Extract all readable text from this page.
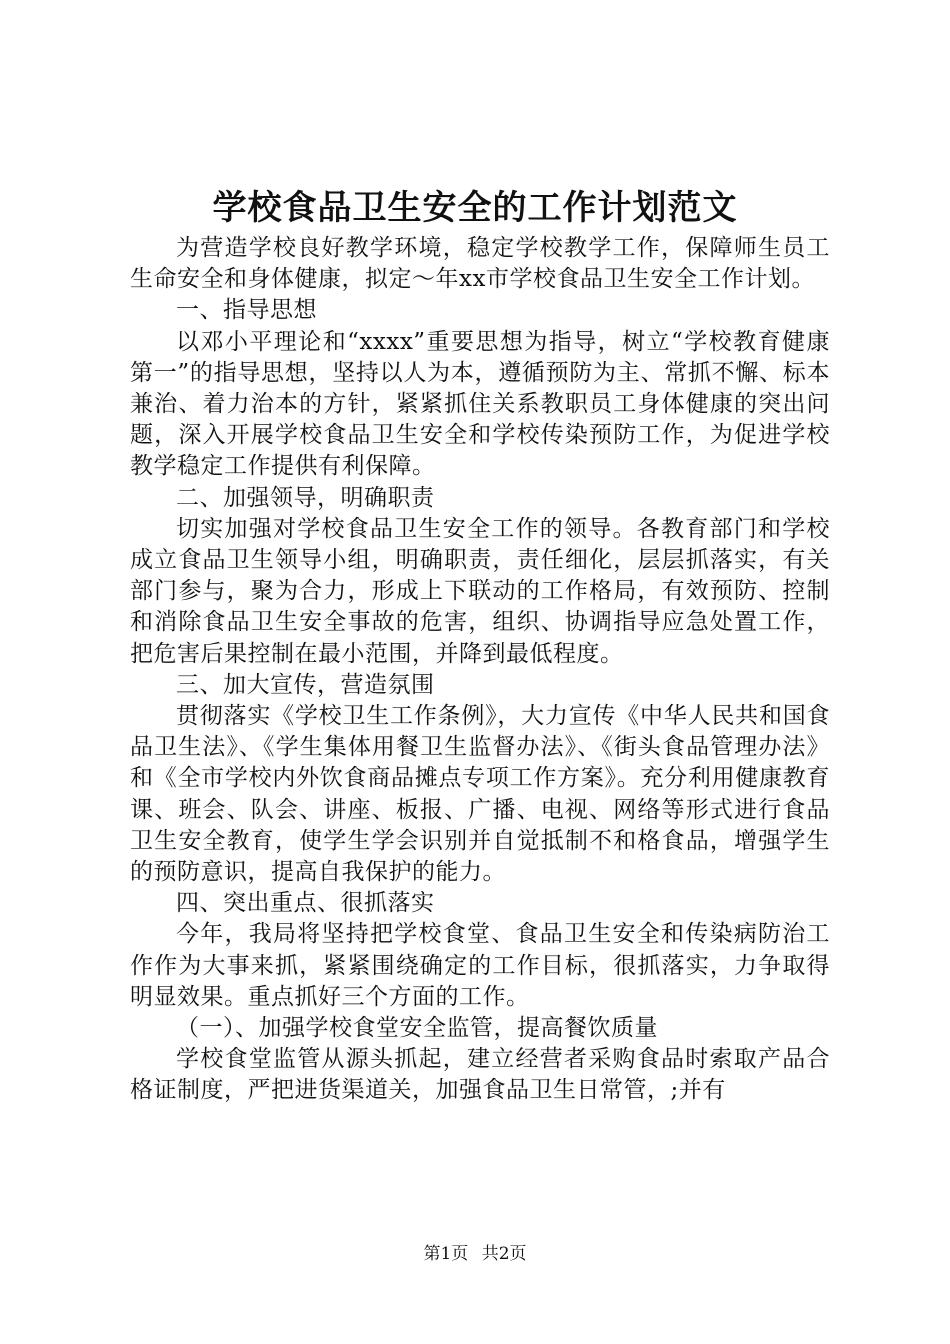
学校食品卫生安全的工作计划范文

为营造学校良好教学环境，稳定学校教学工作，保障师生员工生命安全和身体健康，拟定～年xx市学校食品卫生安全工作计划。

一、指导思想

以邓小平理论和“xxxx”重要思想为指导，树立“学校教育健康第一”的指导思想，坚持以人为本，遵循预防为主、常抓不懈、标本兼治、着力治本的方针，紧紧抓住关系教职员工身体健康的突出问题，深入开展学校食品卫生安全和学校传染预防工作，为促进学校教学稳定工作提供有利保障。

二、加强领导，明确职责

切实加强对学校食品卫生安全工作的领导。各教育部门和学校成立食品卫生领导小组，明确职责，责任细化，层层抓落实，有关部门参与，聚为合力，形成上下联动的工作格局，有效预防、控制和消除食品卫生安全事故的危害，组织、协调指导应急处置工作，把危害后果控制在最小范围，并降到最低程度。

三、加大宣传，营造氛围

贯彻落实《学校卫生工作条例》，大力宣传《中华人民共和国食品卫生法》、《学生集体用餐卫生监督办法》、《街头食品管理办法》和《全市学校内外饮食商品摊点专项工作方案》。充分利用健康教育课、班会、队会、讲座、板报、广播、电视、网络等形式进行食品卫生安全教育，使学生学会识别并自觉抵制不和格食品，增强学生的预防意识，提高自我保护的能力。

四、突出重点、很抓落实

今年，我局将坚持把学校食堂、食品卫生安全和传染病防治工作作为大事来抓，紧紧围绕确定的工作目标，很抓落实，力争取得明显效果。重点抓好三个方面的工作。

（一）、加强学校食堂安全监管，提高餐饮质量

学校食堂监管从源头抓起，建立经营者采购食品时索取产品合格证制度，严把进货渠道关，加强食品卫生日常管，;并有

第1页 共2页
